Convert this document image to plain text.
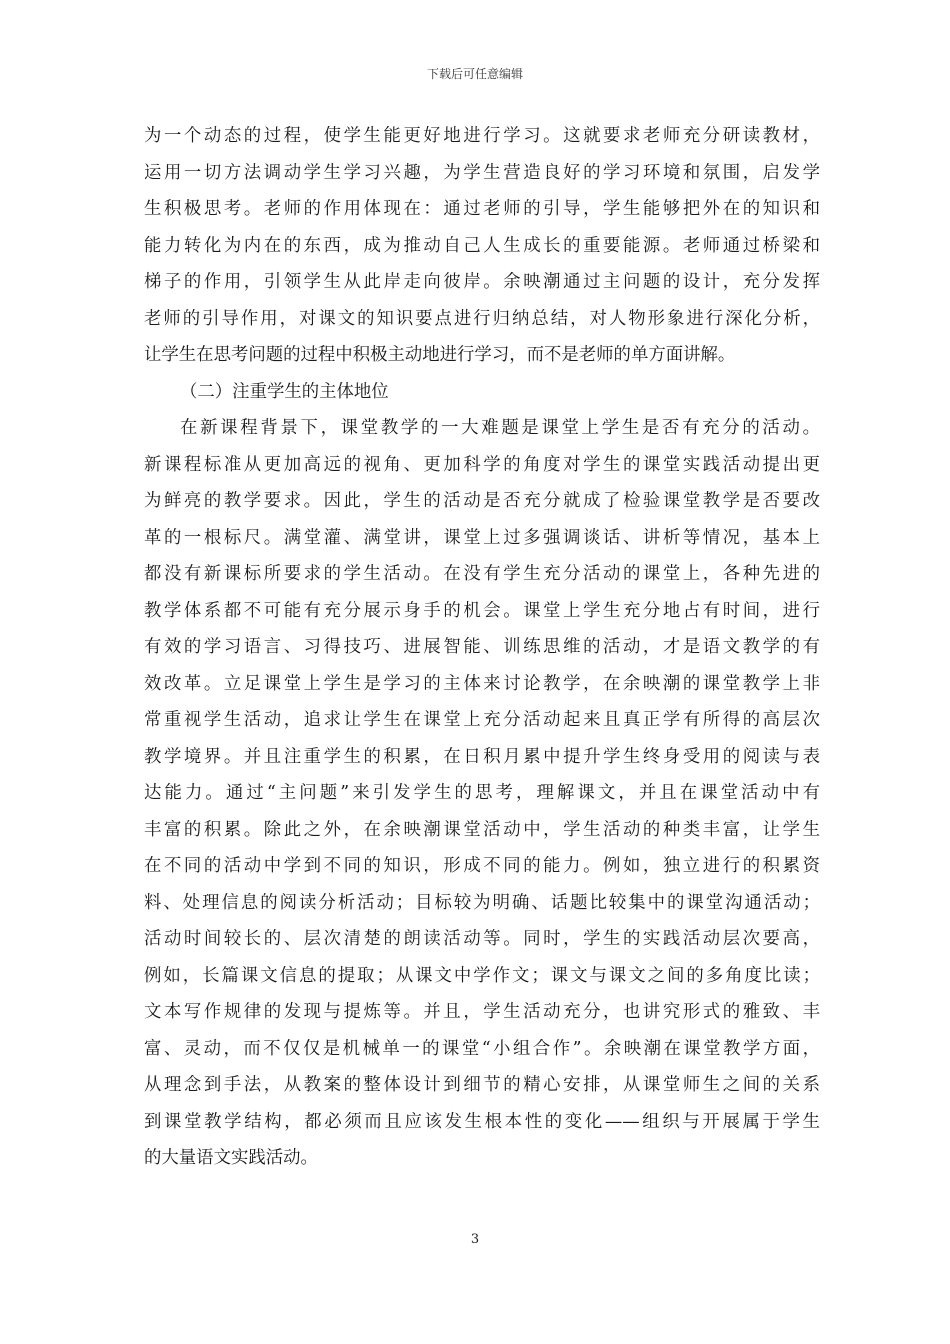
下载后可任意编辑
为一个动态的过程，使学生能更好地进行学习。这就要求老师充分研读教材，
运用一切方法调动学生学习兴趣，为学生营造良好的学习环境和氛围，启发学
生积极思考。老师的作用体现在：通过老师的引导，学生能够把外在的知识和
能力转化为内在的东西，成为推动自己人生成长的重要能源。老师通过桥梁和
梯子的作用，引领学生从此岸走向彼岸。余映潮通过主问题的设计，充分发挥
老师的引导作用，对课文的知识要点进行归纳总结，对人物形象进行深化分析，
让学生在思考问题的过程中积极主动地进行学习，而不是老师的单方面讲解。
（二）注重学生的主体地位
在新课程背景下，课堂教学的一大难题是课堂上学生是否有充分的活动。
新课程标准从更加高远的视角、更加科学的角度对学生的课堂实践活动提出更
为鲜亮的教学要求。因此，学生的活动是否充分就成了检验课堂教学是否要改
革的一根标尺。满堂灌、满堂讲，课堂上过多强调谈话、讲析等情况，基本上
都没有新课标所要求的学生活动。在没有学生充分活动的课堂上，各种先进的
教学体系都不可能有充分展示身手的机会。课堂上学生充分地占有时间，进行
有效的学习语言、习得技巧、进展智能、训练思维的活动，才是语文教学的有
效改革。立足课堂上学生是学习的主体来讨论教学，在余映潮的课堂教学上非
常重视学生活动，追求让学生在课堂上充分活动起来且真正学有所得的高层次
教学境界。并且注重学生的积累，在日积月累中提升学生终身受用的阅读与表
达能力。通过“主问题”来引发学生的思考，理解课文，并且在课堂活动中有
丰富的积累。除此之外，在余映潮课堂活动中，学生活动的种类丰富，让学生
在不同的活动中学到不同的知识，形成不同的能力。例如，独立进行的积累资
料、处理信息的阅读分析活动；目标较为明确、话题比较集中的课堂沟通活动；
活动时间较长的、层次清楚的朗读活动等。同时，学生的实践活动层次要高，
例如，长篇课文信息的提取；从课文中学作文；课文与课文之间的多角度比读；
文本写作规律的发现与提炼等。并且，学生活动充分，也讲究形式的雅致、丰
富、灵动，而不仅仅是机械单一的课堂“小组合作”。余映潮在课堂教学方面，
从理念到手法，从教案的整体设计到细节的精心安排，从课堂师生之间的关系
到课堂教学结构，都必须而且应该发生根本性的变化——组织与开展属于学生
的大量语文实践活动。
3
